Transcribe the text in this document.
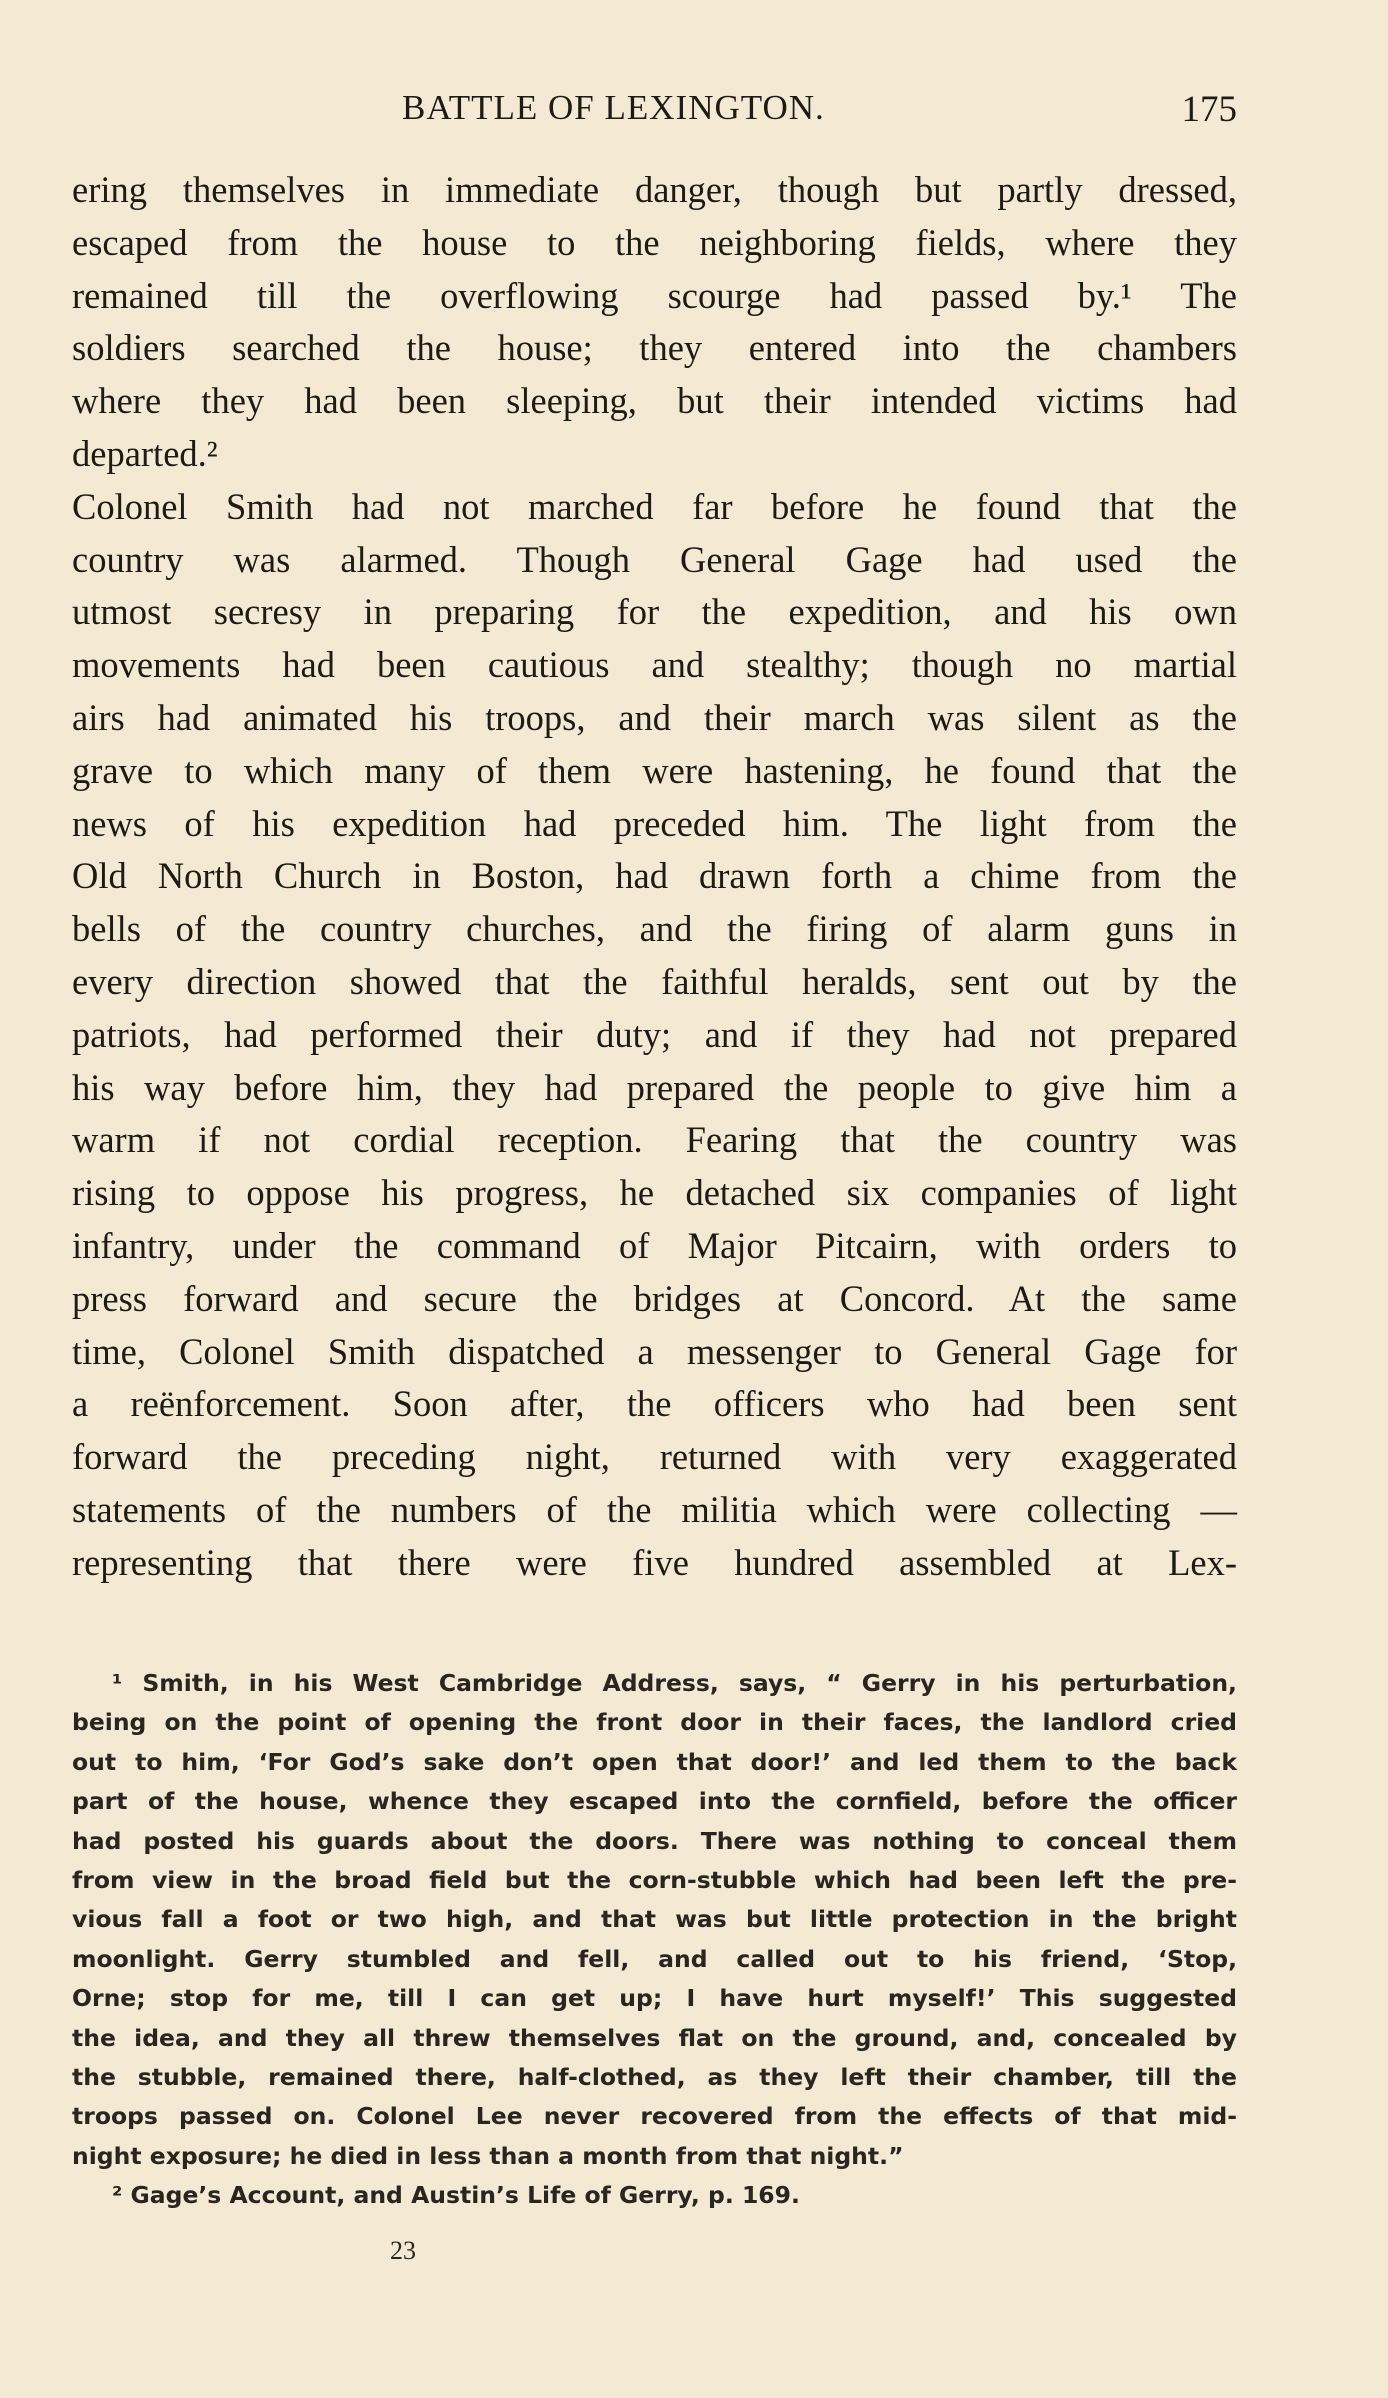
BATTLE OF LEXINGTON.	175
ering themselves in immediate danger, though but partly dressed,
escaped from the house to the neighboring fields, where they
remained till the overflowing scourge had passed by.¹ The
soldiers searched the house; they entered into the chambers
where they had been sleeping, but their intended victims had
departed.²
Colonel Smith had not marched far before he found that the
country was alarmed. Though General Gage had used the
utmost secresy in preparing for the expedition, and his own
movements had been cautious and stealthy; though no martial
airs had animated his troops, and their march was silent as the
grave to which many of them were hastening, he found that the
news of his expedition had preceded him. The light from the
Old North Church in Boston, had drawn forth a chime from the
bells of the country churches, and the firing of alarm guns in
every direction showed that the faithful heralds, sent out by the
patriots, had performed their duty; and if they had not prepared
his way before him, they had prepared the people to give him a
warm if not cordial reception. Fearing that the country was
rising to oppose his progress, he detached six companies of light
infantry, under the command of Major Pitcairn, with orders to
press forward and secure the bridges at Concord. At the same
time, Colonel Smith dispatched a messenger to General Gage for
a reënforcement. Soon after, the officers who had been sent
forward the preceding night, returned with very exaggerated
statements of the numbers of the militia which were collecting —
representing that there were five hundred assembled at Lex-
¹ Smith, in his West Cambridge Address, says, “ Gerry in his perturbation,
being on the point of opening the front door in their faces, the landlord cried
out to him, ‘For God’s sake don’t open that door!’ and led them to the back
part of the house, whence they escaped into the cornfield, before the officer
had posted his guards about the doors. There was nothing to conceal them
from view in the broad field but the corn-stubble which had been left the pre-
vious fall a foot or two high, and that was but little protection in the bright
moonlight. Gerry stumbled and fell, and called out to his friend, ‘Stop,
Orne; stop for me, till I can get up; I have hurt myself!’ This suggested
the idea, and they all threw themselves flat on the ground, and, concealed by
the stubble, remained there, half-clothed, as they left their chamber, till the
troops passed on. Colonel Lee never recovered from the effects of that mid-
night exposure; he died in less than a month from that night.”
² Gage’s Account, and Austin’s Life of Gerry, p. 169.
23
